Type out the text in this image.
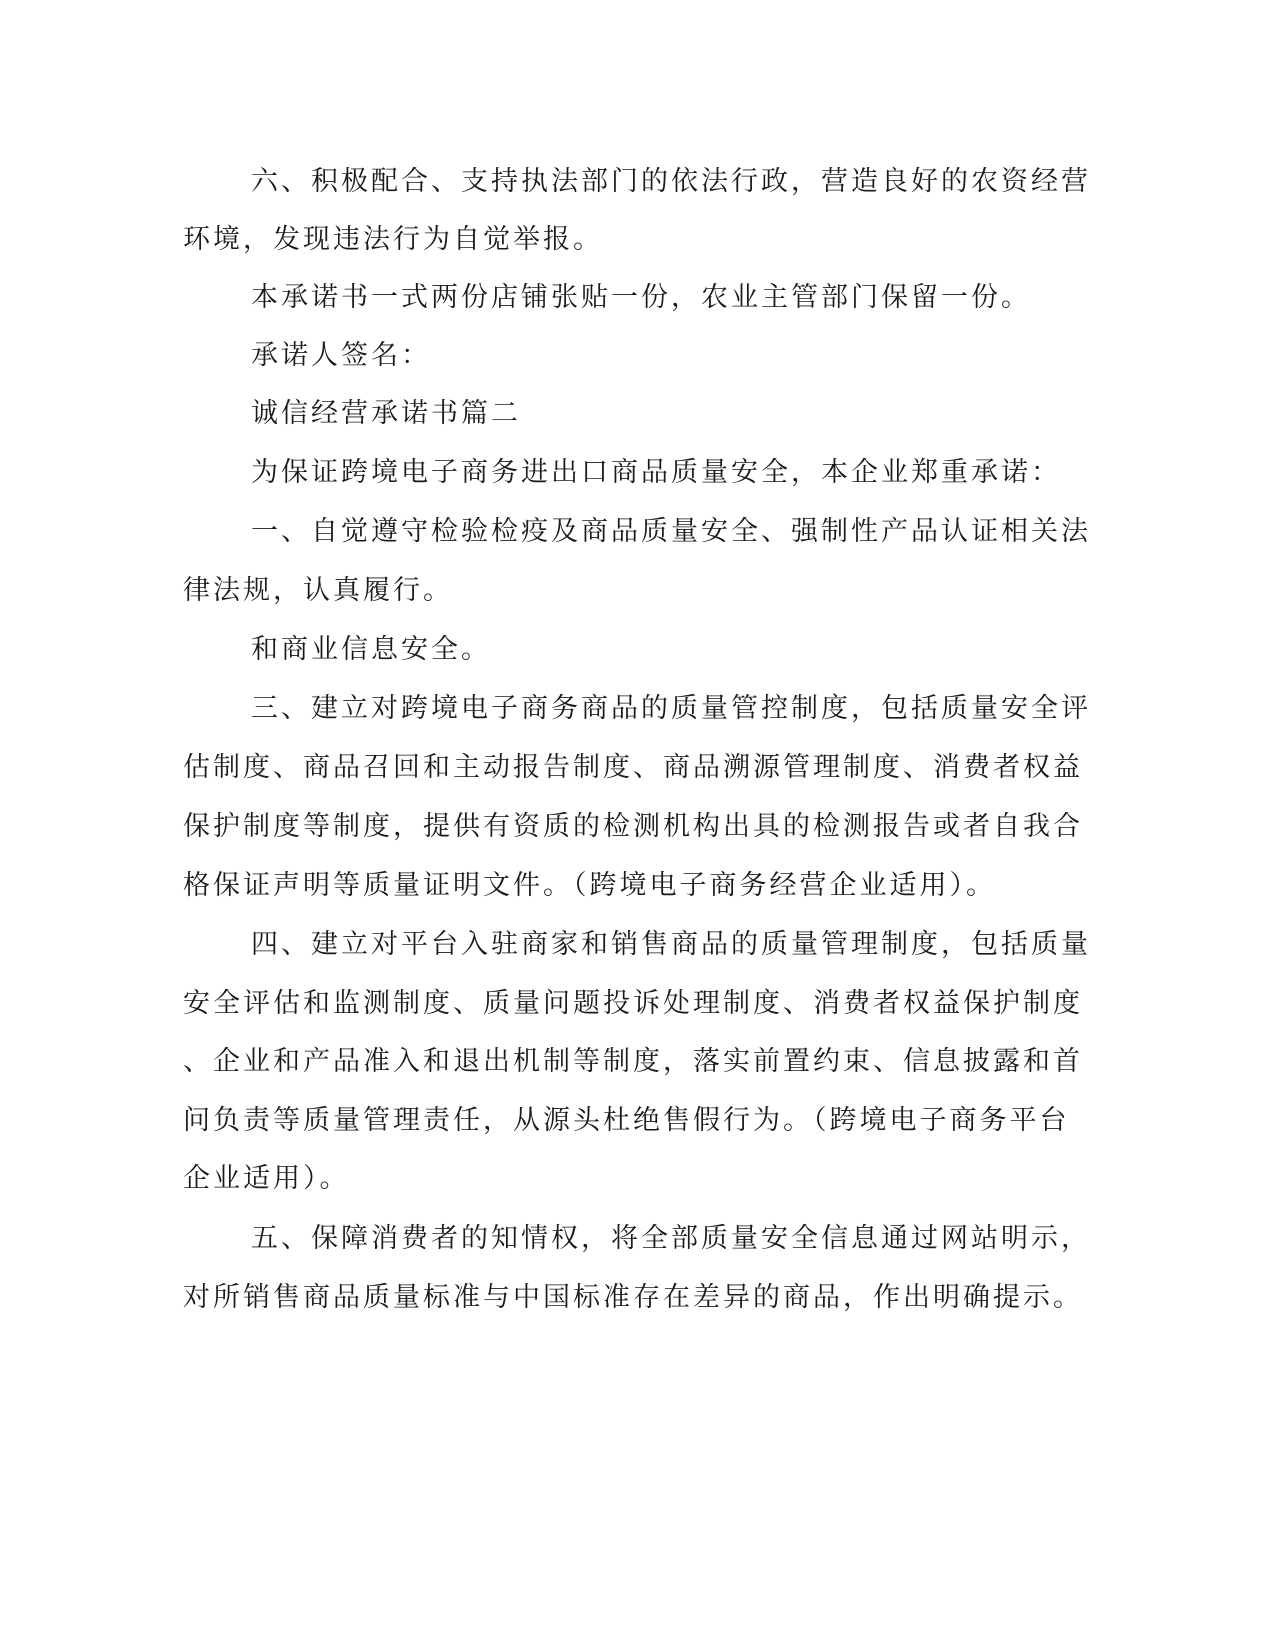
六、积极配合、支持执法部门的依法行政，营造良好的农资经营

环境，发现违法行为自觉举报。

本承诺书一式两份店铺张贴一份，农业主管部门保留一份。

承诺人签名：

诚信经营承诺书篇二

为保证跨境电子商务进出口商品质量安全，本企业郑重承诺：

一、自觉遵守检验检疫及商品质量安全、强制性产品认证相关法

律法规，认真履行。

和商业信息安全。

三、建立对跨境电子商务商品的质量管控制度，包括质量安全评

估制度、商品召回和主动报告制度、商品溯源管理制度、消费者权益

保护制度等制度，提供有资质的检测机构出具的检测报告或者自我合

格保证声明等质量证明文件。（跨境电子商务经营企业适用）。

四、建立对平台入驻商家和销售商品的质量管理制度，包括质量

安全评估和监测制度、质量问题投诉处理制度、消费者权益保护制度

、企业和产品准入和退出机制等制度，落实前置约束、信息披露和首

问负责等质量管理责任，从源头杜绝售假行为。（跨境电子商务平台

企业适用）。

五、保障消费者的知情权，将全部质量安全信息通过网站明示，

对所销售商品质量标准与中国标准存在差异的商品，作出明确提示。
